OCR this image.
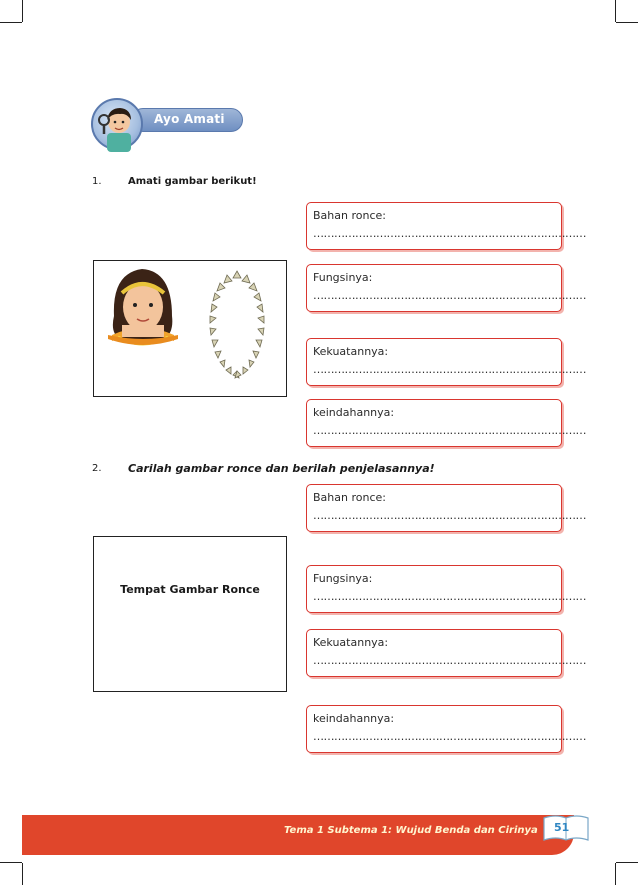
Ayo Amati
1.	Amati gambar berikut!
Bahan ronce:
……………………………………………………………………
Fungsinya:
……………………………………………………………………
Kekuatannya:
……………………………………………………………………
keindahannya:
……………………………………………………………………
2. Carilah gambar ronce dan berilah penjelasannya!
Tempat Gambar Ronce
Bahan ronce:
……………………………………………………………………
Fungsinya:
……………………………………………………………………
Kekuatannya:
……………………………………………………………………
keindahannya:
……………………………………………………………………
Tema 1 Subtema 1: Wujud Benda dan Cirinya 51
